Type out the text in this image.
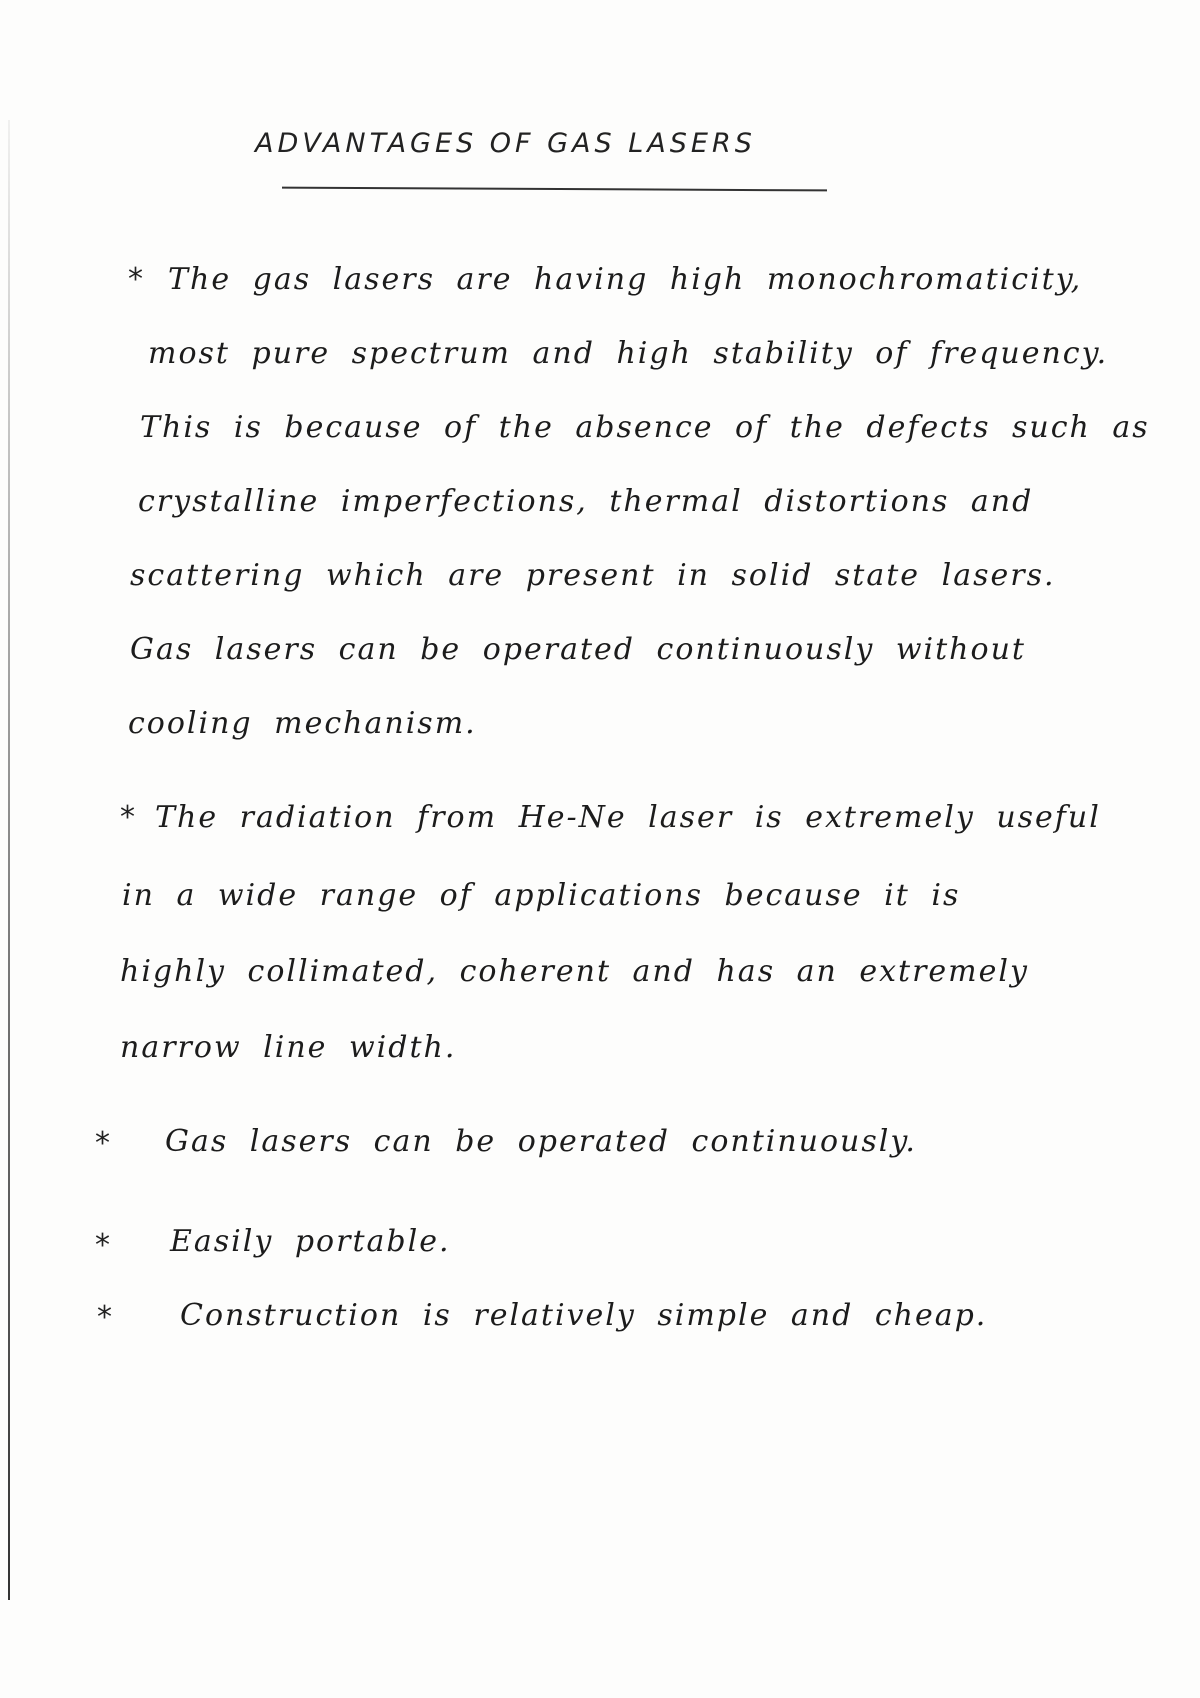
ADVANTAGES OF GAS LASERS
* The gas lasers are having high monochromaticity,
most pure spectrum and high stability of frequency.
This is because of the absence of the defects such as
crystalline imperfections, thermal distortions and
scattering which are present in solid state lasers.
Gas lasers can be operated continuously without
cooling mechanism.
* The radiation from He-Ne laser is extremely useful
in a wide range of applications because it is
highly collimated, coherent and has an extremely
narrow line width.
* Gas lasers can be operated continuously.
* Easily portable.
* Construction is relatively simple and cheap.
